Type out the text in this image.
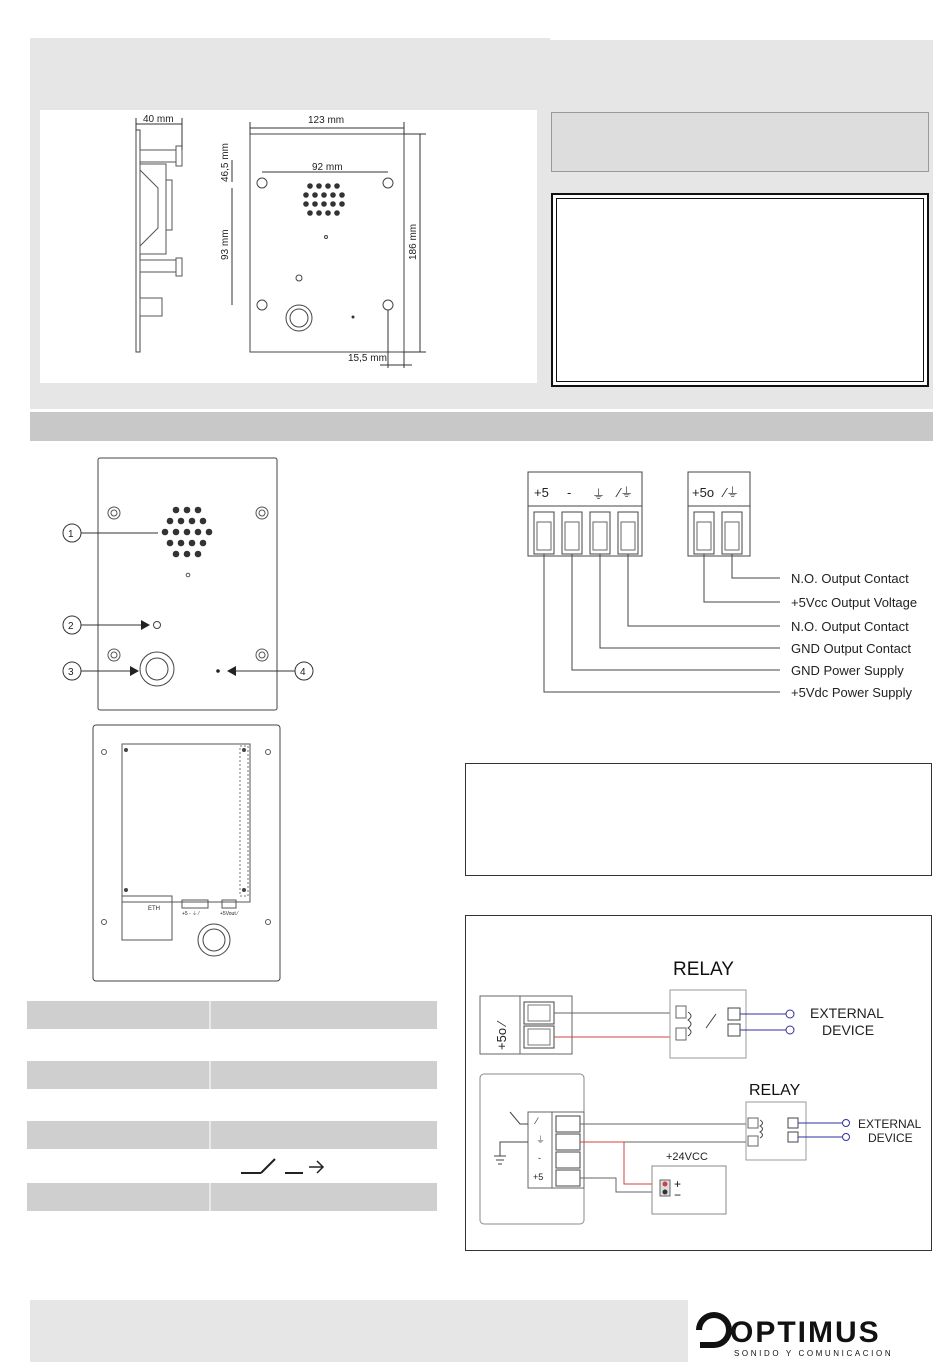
40 mm	123 mm
92 mm
46,5 mm
93 mm	186 mm
15,5 mm
1
2
3	4
ETH
+5 - ⏚ ⁄	+5Vout ⁄
+5 - ⏚ ⁄⏚	+5o ⁄⏚
N.O. Output Contact
+5Vcc Output Voltage
N.O. Output Contact
GND Output Contact
GND Power Supply
+5Vdc Power Supply
+5o ⁄
RELAY
EXTERNAL
DEVICE
⁄
⏚
-
+5
+24VCC
+
−
RELAY
EXTERNAL
DEVICE
OPTIMUS
SONIDO Y COMUNICACION
